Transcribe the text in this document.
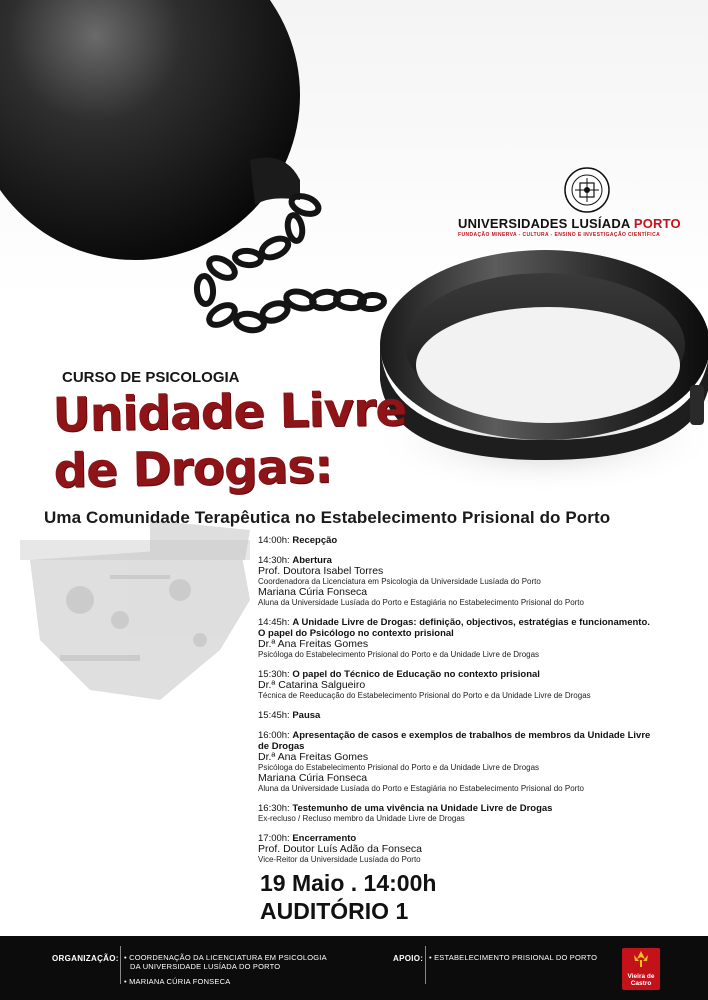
UNIVERSIDADES LUSÍADA PORTO
FUNDAÇÃO MINERVA - CULTURA - ENSINO E INVESTIGAÇÃO CIENTÍFICA
CURSO DE PSICOLOGIA
Unidade Livre
de Drogas:
Uma Comunidade Terapêutica no Estabelecimento Prisional do Porto
14:00h: Recepção
14:30h: Abertura
Prof. Doutora Isabel Torres
Coordenadora da Licenciatura em Psicologia da Universidade Lusíada do Porto
Mariana Cúria Fonseca
Aluna da Universidade Lusíada do Porto e Estagiária no Estabelecimento Prisional do Porto
14:45h: A Unidade Livre de Drogas: definição, objectivos, estratégias e funcionamento.
O papel do Psicólogo no contexto prisional
Dr.ª Ana Freitas Gomes
Psicóloga do Estabelecimento Prisional do Porto e da Unidade Livre de Drogas
15:30h: O papel do Técnico de Educação no contexto prisional
Dr.ª Catarina Salgueiro
Técnica de Reeducação do Estabelecimento Prisional do Porto e da Unidade Livre de Drogas
15:45h: Pausa
16:00h: Apresentação de casos e exemplos de trabalhos de membros da Unidade Livre
de Drogas
Dr.ª Ana Freitas Gomes
Psicóloga do Estabelecimento Prisional do Porto e da Unidade Livre de Drogas
Mariana Cúria Fonseca
Aluna da Universidade Lusíada do Porto e Estagiária no Estabelecimento Prisional do Porto
16:30h: Testemunho de uma vivência na Unidade Livre de Drogas
Ex-recluso / Recluso membro da Unidade Livre de Drogas
17:00h: Encerramento
Prof. Doutor Luís Adão da Fonseca
Vice-Reitor da Universidade Lusíada do Porto
19 Maio . 14:00h
AUDITÓRIO 1
ORGANIZAÇÃO: • COORDENAÇÃO DA LICENCIATURA EM PSICOLOGIA
DA UNIVERSIDADE LUSÍADA DO PORTO
• MARIANA CÚRIA FONSECA
APOIO: • ESTABELECIMENTO PRISIONAL DO PORTO
Vieira de Castro
